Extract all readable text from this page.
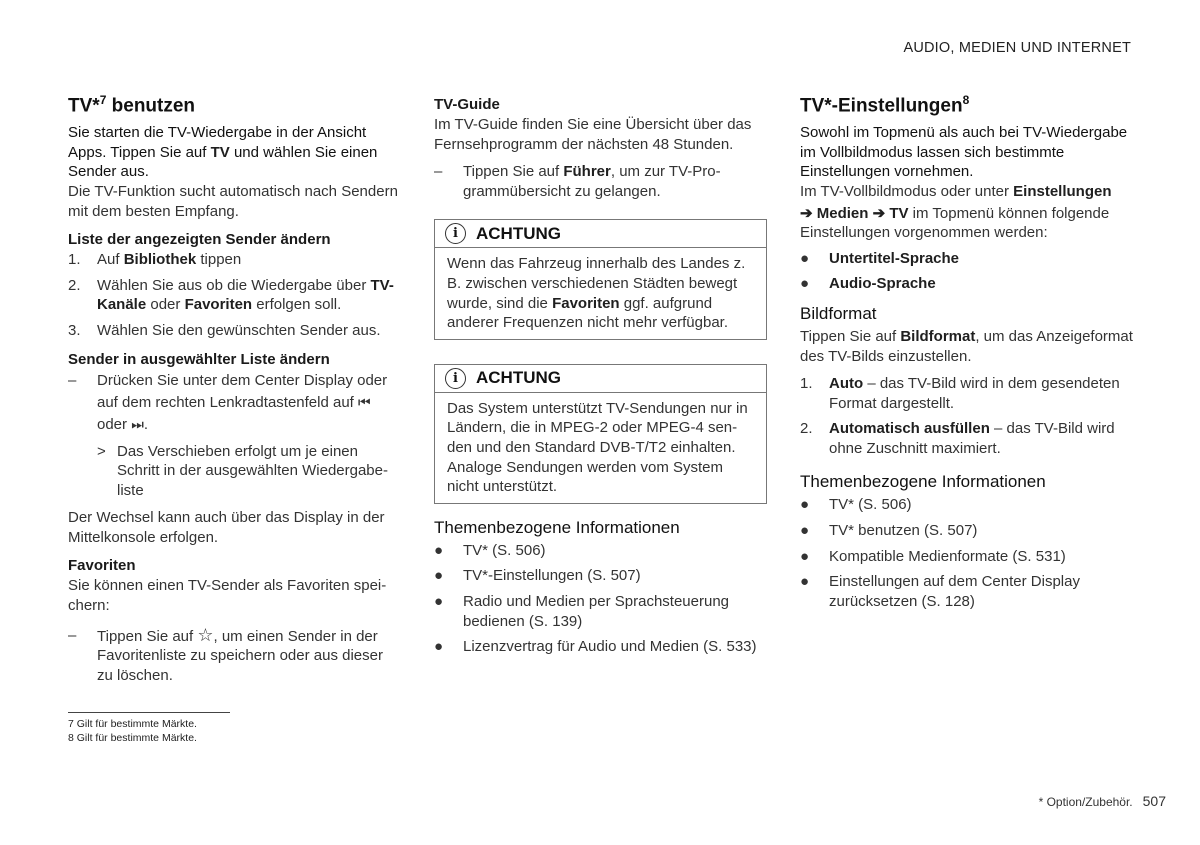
AUDIO, MEDIEN UND INTERNET
TV*$^7$ benutzen

Sie starten die TV-Wiedergabe in der Ansicht Apps. Tippen Sie auf TV und wählen Sie einen Sender aus.

Die TV-Funktion sucht automatisch nach Sendern mit dem besten Empfang.

Liste der angezeigten Sender ändern
1. Auf Bibliothek tippen
2. Wählen Sie aus ob die Wiedergabe über TV-Kanäle oder Favoriten erfolgen soll.
3. Wählen Sie den gewünschten Sender aus.
Sender in ausgewählter Liste ändern
– Drücken Sie unter dem Center Display oder auf dem rechten Lenkradtastenfeld auf ⏮ oder ⏭.
> Das Verschieben erfolgt um je einen Schritt in der ausgewählten Wiedergabeliste

Der Wechsel kann auch über das Display in der Mittelkonsole erfolgen.

Favoriten

Sie können einen TV-Sender als Favoriten speichern:

– Tippen Sie auf ☆, um einen Sender in der Favoritenliste zu speichern oder aus dieser zu löschen.
TV-Guide

Im TV-Guide finden Sie eine Übersicht über das Fernsehprogramm der nächsten 48 Stunden.

– Tippen Sie auf Führer, um zur TV-Programmübersicht zu gelangen.
i	ACHTUNG
Wenn das Fahrzeug innerhalb des Landes z. B. zwischen verschiedenen Städten bewegt wurde, sind die Favoriten ggf. aufgrund anderer Frequenzen nicht mehr verfügbar.
i	ACHTUNG
Das System unterstützt TV-Sendungen nur in Ländern, die in MPEG-2 oder MPEG-4 senden und den Standard DVB-T/T2 einhalten. Analoge Sendungen werden vom System nicht unterstützt.
Themenbezogene Informationen
● TV* (S. 506)
● TV*-Einstellungen (S. 507)
● Radio und Medien per Sprachsteuerung bedienen (S. 139)
● Lizenzvertrag für Audio und Medien (S. 533)
TV*-Einstellungen$^8$

Sowohl im Topmenü als auch bei TV-Wiedergabe im Vollbildmodus lassen sich bestimmte Einstellungen vornehmen.

Im TV-Vollbildmodus oder unter Einstellungen

➔ Medien ➔ TV im Topmenü können folgende Einstellungen vorgenommen werden:

● Untertitel-Sprache
● Audio-Sprache
Bildformat

Tippen Sie auf Bildformat, um das Anzeigeformat des TV-Bilds einzustellen.

1. Auto – das TV-Bild wird in dem gesendeten Format dargestellt.
2. Automatisch ausfüllen – das TV-Bild wird ohne Zuschnitt maximiert.
Themenbezogene Informationen
● TV* (S. 506)
● TV* benutzen (S. 507)
● Kompatible Medienformate (S. 531)
● Einstellungen auf dem Center Display zurücksetzen (S. 128)
7 Gilt für bestimmte Märkte.
8 Gilt für bestimmte Märkte.
* Option/Zubehör. 507
